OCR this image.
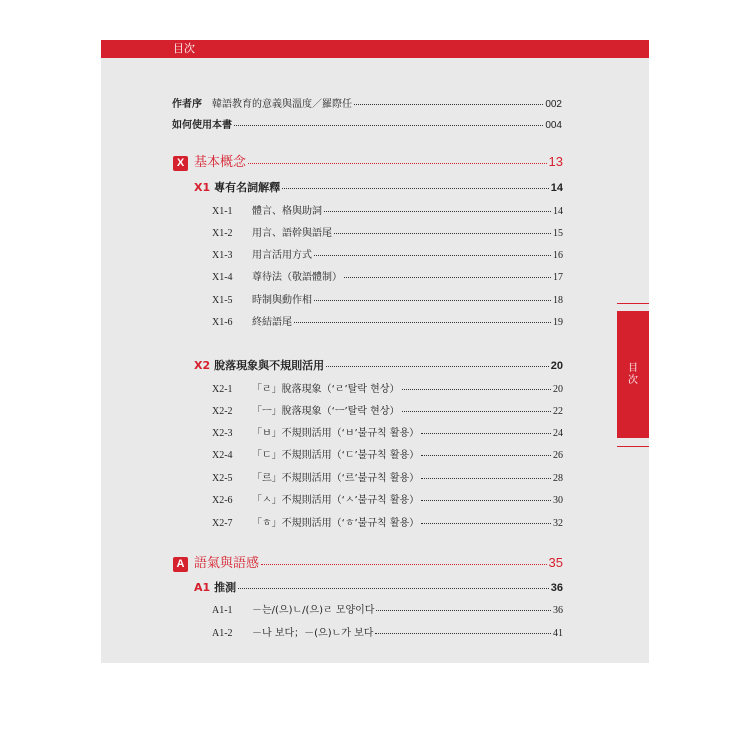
目次
作者序 韓語教育的意義與溫度／羅際任	002
如何使用本書	004
X 基本概念	13
X1 專有名詞解釋	14
X1-1	體言、格與助詞	14
X1-2	用言、語幹與語尾	15
X1-3	用言活用方式	16
X1-4	尊待法（敬語體制）	17
X1-5	時制與動作相	18
X1-6	終結語尾	19
X2 脫落現象與不規則活用	20
X2-1	「ㄹ」脫落現象（‘ㄹ’탈락 현상）	20
X2-2	「ㅡ」脫落現象（‘ㅡ’탈락 현상）	22
X2-3	「ㅂ」不規則活用（‘ㅂ’불규칙 활용）	24
X2-4	「ㄷ」不規則活用（‘ㄷ’불규칙 활용）	26
X2-5	「르」不規則活用（‘르’불규칙 활용）	28
X2-6	「ㅅ」不規則活用（‘ㅅ’불규칙 활용）	30
X2-7	「ㅎ」不規則活用（‘ㅎ’불규칙 활용）	32
A 語氣與語感	35
A1 推測	36
A1-1	－는/(으)ㄴ/(으)ㄹ 모양이다	36
A1-2	－나 보다；－(으)ㄴ가 보다	41
目次
